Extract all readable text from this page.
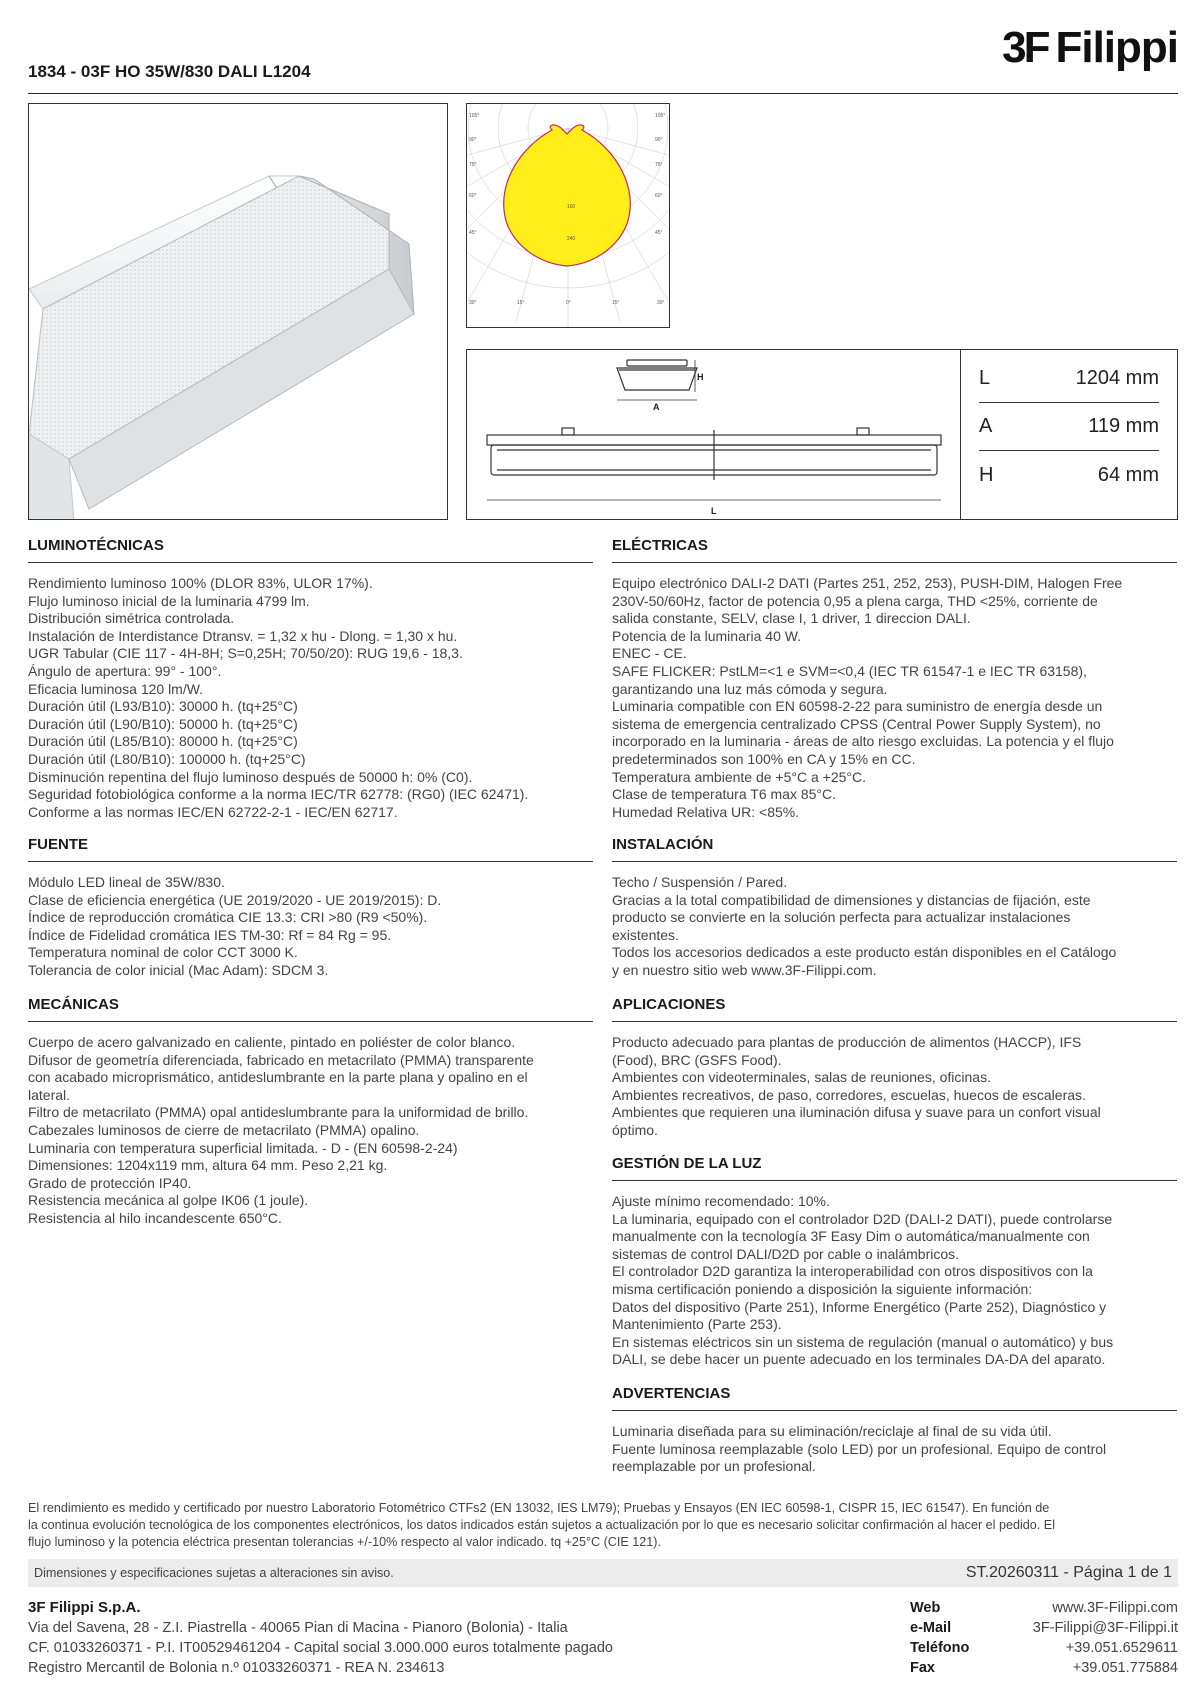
1834 - 03F HO 35W/830 DALI L1204	3F Filippi
105°
90°
75°
60°
45°
105°
90°
75°
60°
45°
30°	15°	0°	15°	30°
160
240
H
A
L
L	1204 mm
A	119 mm
H	64 mm
LUMINOTÉCNICAS

Rendimiento luminoso 100% (DLOR 83%, ULOR 17%).

Flujo luminoso inicial de la luminaria 4799 lm.

Distribución simétrica controlada.

Instalación de Interdistance Dtransv. = 1,32 x hu - Dlong. = 1,30 x hu.

UGR Tabular (CIE 117 - 4H-8H; S=0,25H; 70/50/20): RUG 19,6 - 18,3.

Ángulo de apertura: 99° - 100°.

Eficacia luminosa 120 lm/W.

Duración útil (L93/B10): 30000 h. (tq+25°C)

Duración útil (L90/B10): 50000 h. (tq+25°C)

Duración útil (L85/B10): 80000 h. (tq+25°C)

Duración útil (L80/B10): 100000 h. (tq+25°C)

Disminución repentina del flujo luminoso después de 50000 h: 0% (C0).

Seguridad fotobiológica conforme a la norma IEC/TR 62778: (RG0) (IEC 62471).

Conforme a las normas IEC/EN 62722-2-1 - IEC/EN 62717.

FUENTE

Módulo LED lineal de 35W/830.

Clase de eficiencia energética (UE 2019/2020 - UE 2019/2015): D.

Índice de reproducción cromática CIE 13.3: CRI >80 (R9 <50%).

Índice de Fidelidad cromática IES TM-30: Rf = 84 Rg = 95.

Temperatura nominal de color CCT 3000 K.

Tolerancia de color inicial (Mac Adam): SDCM 3.

MECÁNICAS

Cuerpo de acero galvanizado en caliente, pintado en poliéster de color blanco.

Difusor de geometría diferenciada, fabricado en metacrilato (PMMA) transparente

con acabado microprismático, antideslumbrante en la parte plana y opalino en el

lateral.

Filtro de metacrilato (PMMA) opal antideslumbrante para la uniformidad de brillo.

Cabezales luminosos de cierre de metacrilato (PMMA) opalino.

Luminaria con temperatura superficial limitada. - D - (EN 60598-2-24)

Dimensiones: 1204x119 mm, altura 64 mm. Peso 2,21 kg.

Grado de protección IP40.

Resistencia mecánica al golpe IK06 (1 joule).

Resistencia al hilo incandescente 650°C.

ELÉCTRICAS

Equipo electrónico DALI-2 DATI (Partes 251, 252, 253), PUSH-DIM, Halogen Free

230V-50/60Hz, factor de potencia 0,95 a plena carga, THD <25%, corriente de

salida constante, SELV, clase I, 1 driver, 1 direccion DALI.

Potencia de la luminaria 40 W.

ENEC - CE.

SAFE FLICKER: PstLM=<1 e SVM=<0,4 (IEC TR 61547-1 e IEC TR 63158),

garantizando una luz más cómoda y segura.

Luminaria compatible con EN 60598-2-22 para suministro de energía desde un

sistema de emergencia centralizado CPSS (Central Power Supply System), no

incorporado en la luminaria - áreas de alto riesgo excluidas. La potencia y el flujo

predeterminados son 100% en CA y 15% en CC.

Temperatura ambiente de +5°C a +25°C.

Clase de temperatura T6 max 85°C.

Humedad Relativa UR: <85%.

INSTALACIÓN

Techo / Suspensión / Pared.

Gracias a la total compatibilidad de dimensiones y distancias de fijación, este

producto se convierte en la solución perfecta para actualizar instalaciones

existentes.

Todos los accesorios dedicados a este producto están disponibles en el Catálogo

y en nuestro sitio web www.3F-Filippi.com.

APLICACIONES

Producto adecuado para plantas de producción de alimentos (HACCP), IFS

(Food), BRC (GSFS Food).

Ambientes con videoterminales, salas de reuniones, oficinas.

Ambientes recreativos, de paso, corredores, escuelas, huecos de escaleras.

Ambientes que requieren una iluminación difusa y suave para un confort visual

óptimo.

GESTIÓN DE LA LUZ

Ajuste mínimo recomendado: 10%.

La luminaria, equipado con el controlador D2D (DALI-2 DATI), puede controlarse

manualmente con la tecnología 3F Easy Dim o automática/manualmente con

sistemas de control DALI/D2D por cable o inalámbricos.

El controlador D2D garantiza la interoperabilidad con otros dispositivos con la

misma certificación poniendo a disposición la siguiente información:

Datos del dispositivo (Parte 251), Informe Energético (Parte 252), Diagnóstico y

Mantenimiento (Parte 253).

En sistemas eléctricos sin un sistema de regulación (manual o automático) y bus

DALI, se debe hacer un puente adecuado en los terminales DA-DA del aparato.

ADVERTENCIAS

Luminaria diseñada para su eliminación/reciclaje al final de su vida útil.

Fuente luminosa reemplazable (solo LED) por un profesional. Equipo de control

reemplazable por un profesional.

El rendimiento es medido y certificado por nuestro Laboratorio Fotométrico CTFs2 (EN 13032, IES LM79); Pruebas y Ensayos (EN IEC 60598-1, CISPR 15, IEC 61547). En función de

la continua evolución tecnológica de los componentes electrónicos, los datos indicados están sujetos a actualización por lo que es necesario solicitar confirmación al hacer el pedido. El

flujo luminoso y la potencia eléctrica presentan tolerancias +/-10% respecto al valor indicado. tq +25°C (CIE 121).

Dimensiones y especificaciones sujetas a alteraciones sin aviso.	ST.20260311 - Página 1 de 1
3F Filippi S.p.A.
Via del Savena, 28 - Z.I. Piastrella - 40065 Pian di Macina - Pianoro (Bolonia) - Italia
CF. 01033260371 - P.I. IT00529461204 - Capital social 3.000.000 euros totalmente pagado
Registro Mercantil de Bolonia n.º 01033260371 - REA N. 234613
Web	www.3F-Filippi.com
e-Mail	3F-Filippi@3F-Filippi.it
Teléfono	+39.051.6529611
Fax	+39.051.775884
